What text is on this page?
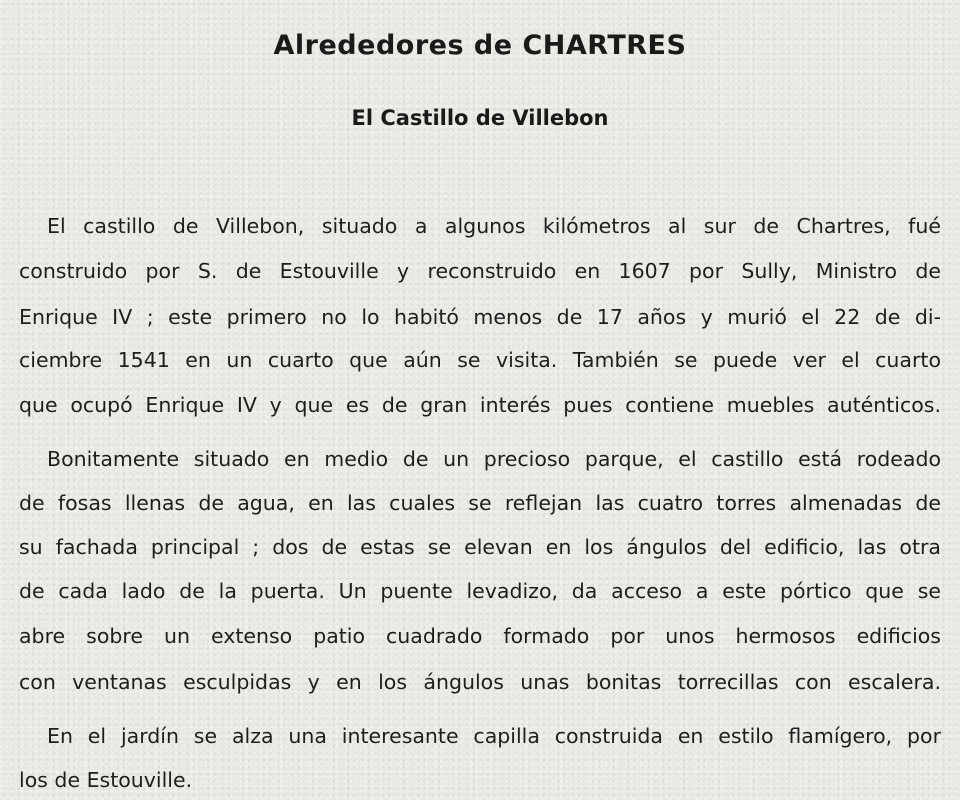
Alrededores de CHARTRES
El Castillo de Villebon
El castillo de Villebon, situado a algunos kilómetros al sur de Chartres, fué
construido por S. de Estouville y reconstruido en 1607 por Sully, Ministro de
Enrique IV ; este primero no lo habitó menos de 17 años y murió el 22 de di-
ciembre 1541 en un cuarto que aún se visita. También se puede ver el cuarto
que ocupó Enrique IV y que es de gran interés pues contiene muebles auténticos.
Bonitamente situado en medio de un precioso parque, el castillo está rodeado
de fosas llenas de agua, en las cuales se reflejan las cuatro torres almenadas de
su fachada principal ; dos de estas se elevan en los ángulos del edificio, las otra
de cada lado de la puerta. Un puente levadizo, da acceso a este pórtico que se
abre sobre un extenso patio cuadrado formado por unos hermosos edificios
con ventanas esculpidas y en los ángulos unas bonitas torrecillas con escalera.
En el jardín se alza una interesante capilla construida en estilo flamígero, por
los de Estouville.
